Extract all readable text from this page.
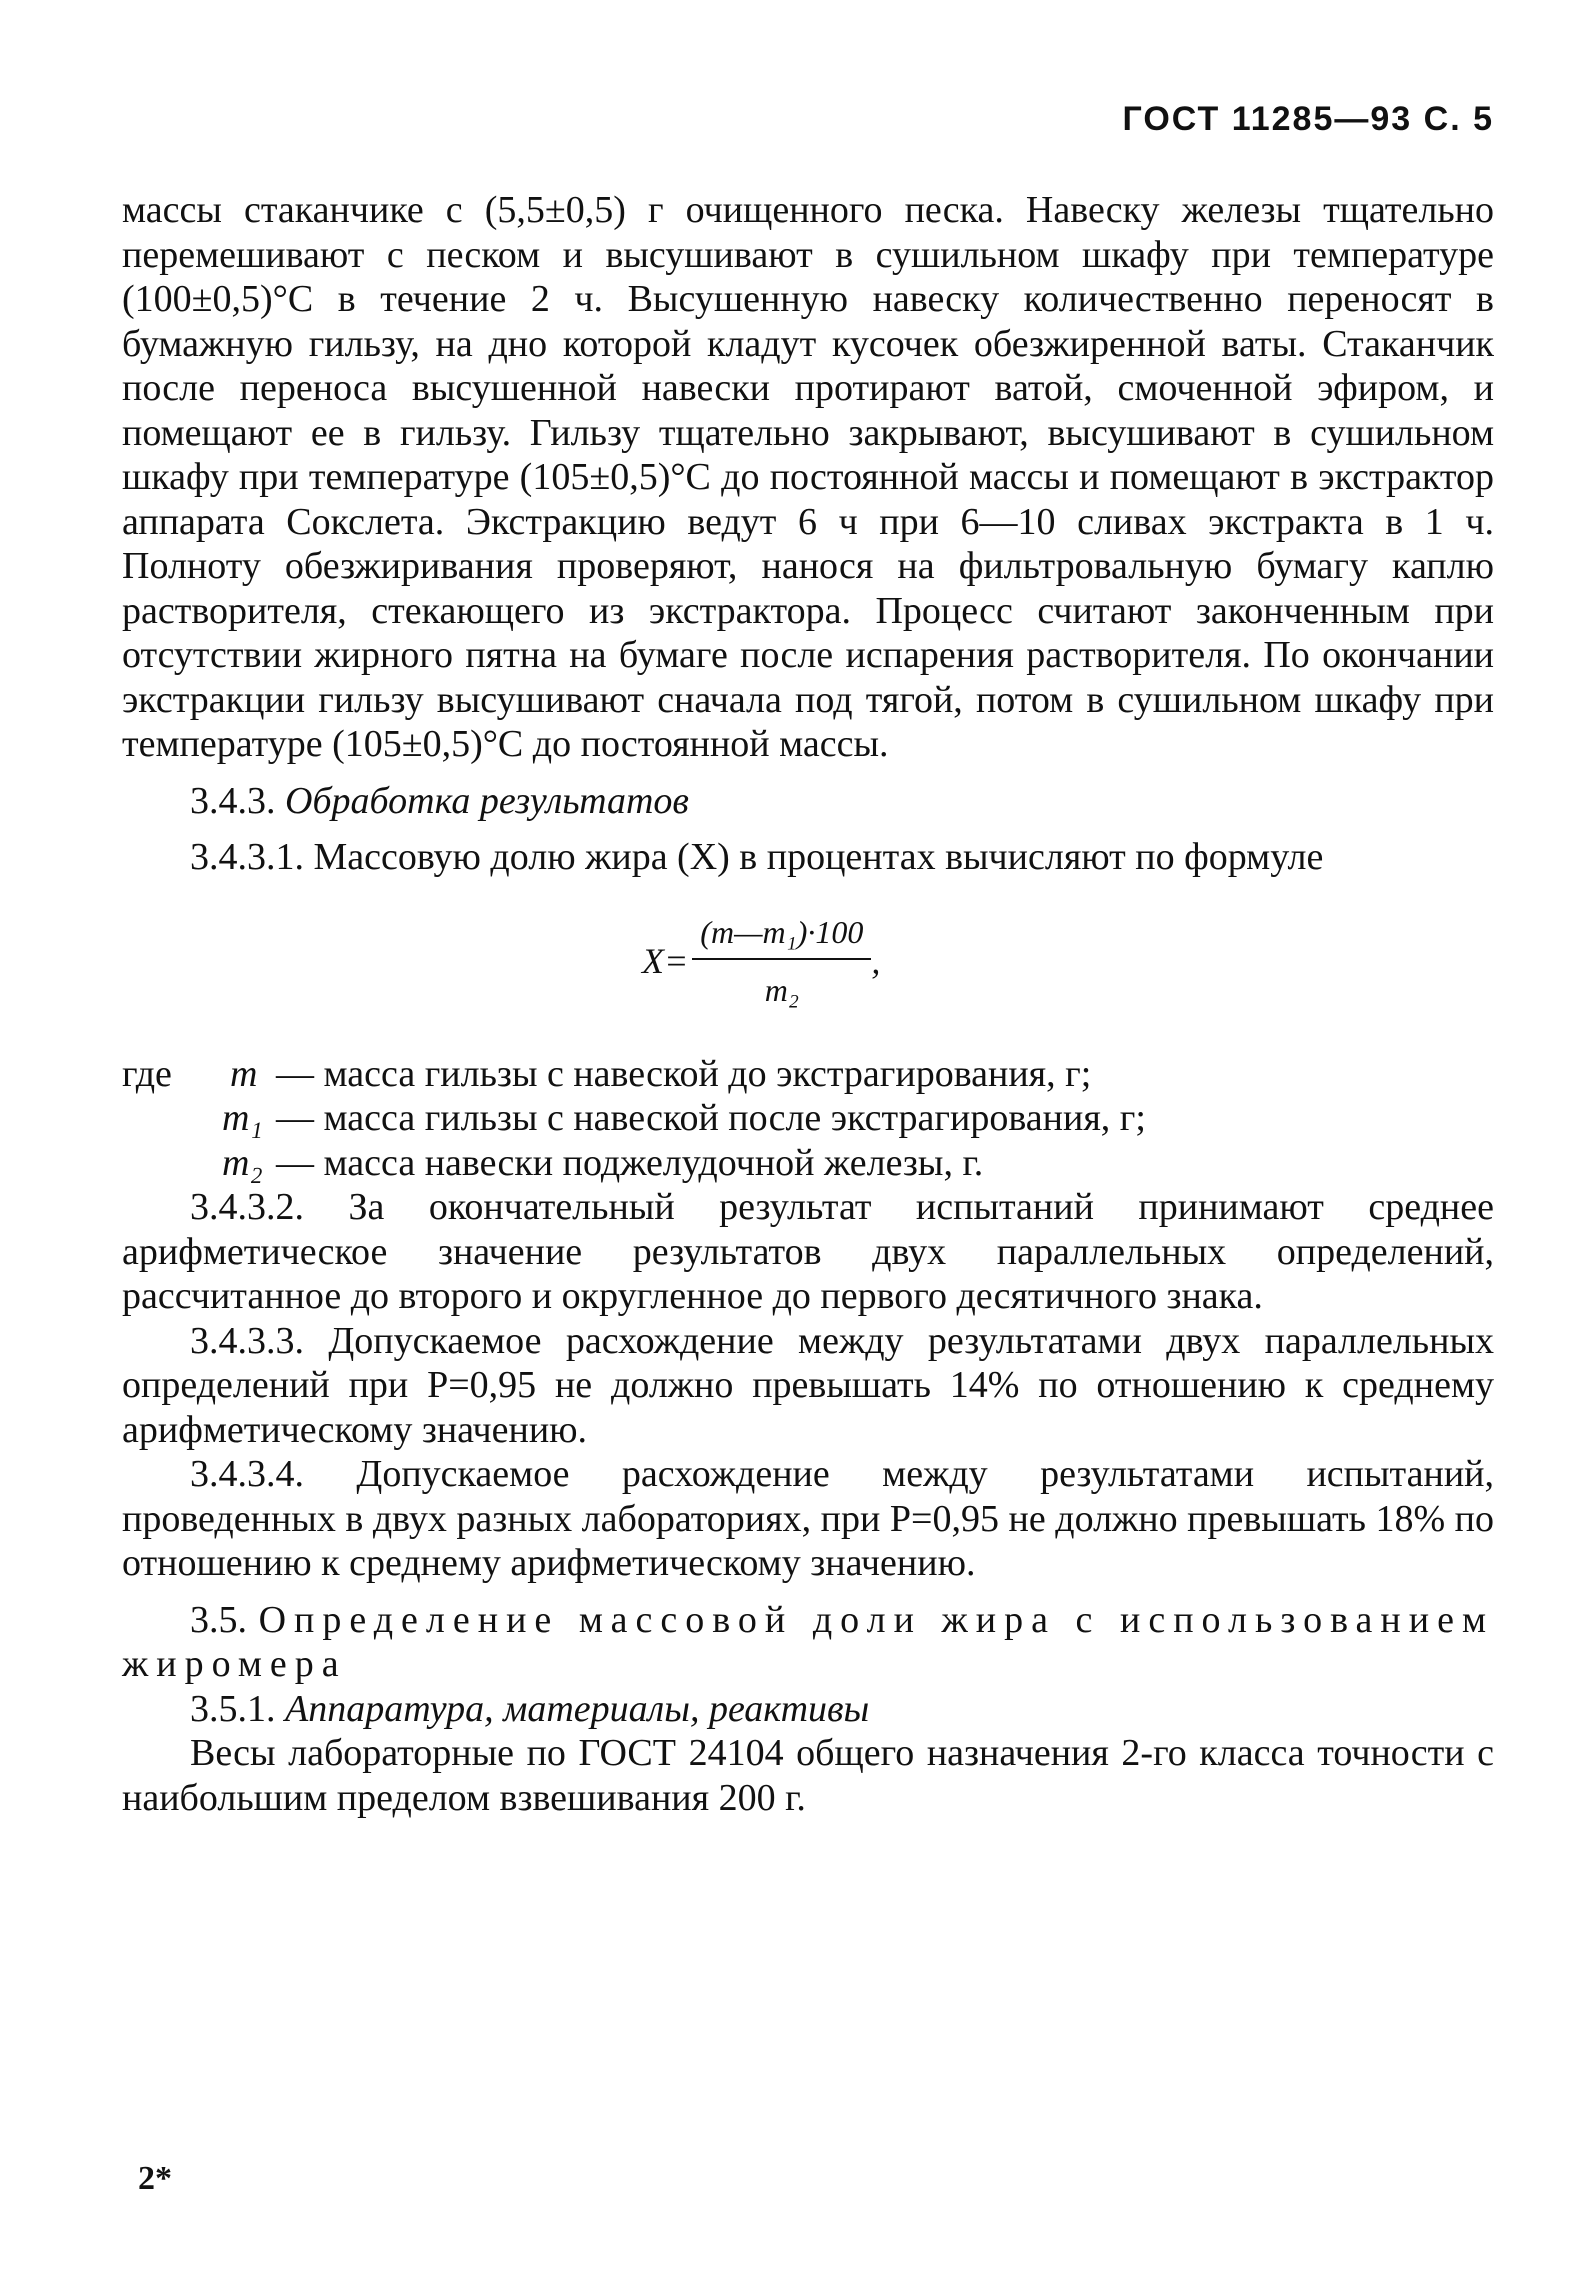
ГОСТ 11285—93 С. 5

массы стаканчике с (5,5±0,5) г очищенного песка. Навеску железы тщательно перемешивают с песком и высушивают в сушильном шкафу при температуре (100±0,5)°С в течение 2 ч. Высушенную навеску количественно переносят в бумажную гильзу, на дно которой кладут кусочек обезжиренной ваты. Стаканчик после переноса высушенной навески протирают ватой, смоченной эфиром, и помещают ее в гильзу. Гильзу тщательно закрывают, высушивают в сушильном шкафу при температуре (105±0,5)°С до постоянной массы и помещают в экстрактор аппарата Сокслета. Экстракцию ведут 6 ч при 6—10 сливах экстракта в 1 ч. Полноту обезжиривания проверяют, нанося на фильтровальную бумагу каплю растворителя, стекающего из экстрактора. Процесс считают законченным при отсутствии жирного пятна на бумаге после испарения растворителя. По окончании экстракции гильзу высушивают сначала под тягой, потом в сушильном шкафу при температуре (105±0,5)°С до постоянной массы.

3.4.3. Обработка результатов

3.4.3.1. Массовую долю жира (X) в процентах вычисляют по формуле

$X= \frac{\text{(m—m₁)·100}}{\text{m₂}}$ ,
где	m — масса гильзы с навеской до экстрагирования, г;
m₁ — масса гильзы с навеской после экстрагирования, г;
m₂ — масса навески поджелудочной железы, г.

3.4.3.2. За окончательный результат испытаний принимают среднее арифметическое значение результатов двух параллельных определений, рассчитанное до второго и округленное до первого десятичного знака.

3.4.3.3. Допускаемое расхождение между результатами двух параллельных определений при P=0,95 не должно превышать 14% по отношению к среднему арифметическому значению.

3.4.3.4. Допускаемое расхождение между результатами испытаний, проведенных в двух разных лабораториях, при P=0,95 не должно превышать 18% по отношению к среднему арифметическому значению.

3.5. Определение массовой доли жира с использованием жиромера

3.5.1. Аппаратура, материалы, реактивы

Весы лабораторные по ГОСТ 24104 общего назначения 2-го класса точности с наибольшим пределом взвешивания 200 г.

2*
